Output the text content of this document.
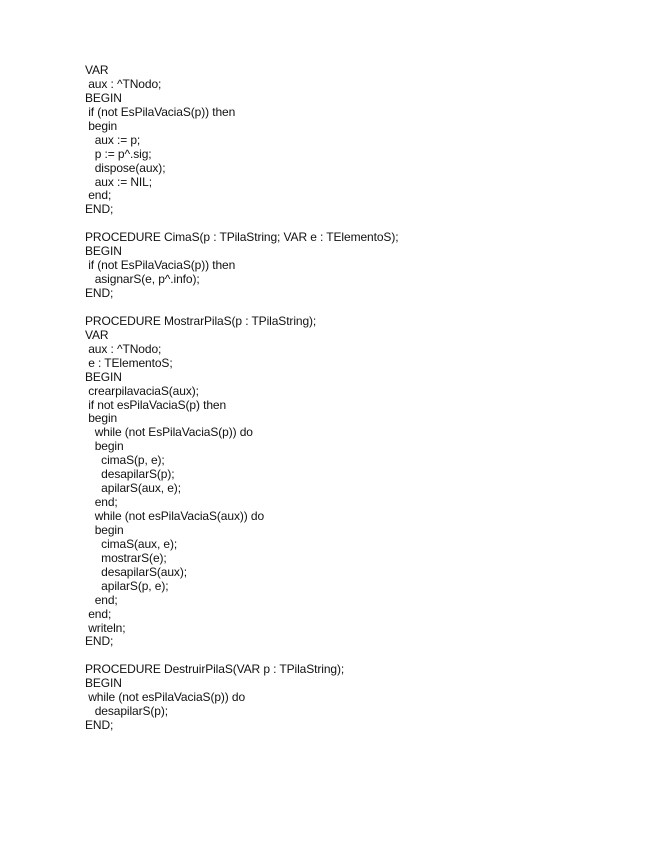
VAR
aux : ^TNodo;
BEGIN
if (not EsPilaVaciaS(p)) then
begin
aux := p;
p := p^.sig;
dispose(aux);
aux := NIL;
end;
END;
PROCEDURE CimaS(p : TPilaString; VAR e : TElementoS);
BEGIN
if (not EsPilaVaciaS(p)) then
asignarS(e, p^.info);
END;
PROCEDURE MostrarPilaS(p : TPilaString);
VAR
aux : ^TNodo;
e : TElementoS;
BEGIN
crearpilavaciaS(aux);
if not esPilaVaciaS(p) then
begin
while (not EsPilaVaciaS(p)) do
begin
cimaS(p, e);
desapilarS(p);
apilarS(aux, e);
end;
while (not esPilaVaciaS(aux)) do
begin
cimaS(aux, e);
mostrarS(e);
desapilarS(aux);
apilarS(p, e);
end;
end;
writeln;
END;
PROCEDURE DestruirPilaS(VAR p : TPilaString);
BEGIN
while (not esPilaVaciaS(p)) do
desapilarS(p);
END;
